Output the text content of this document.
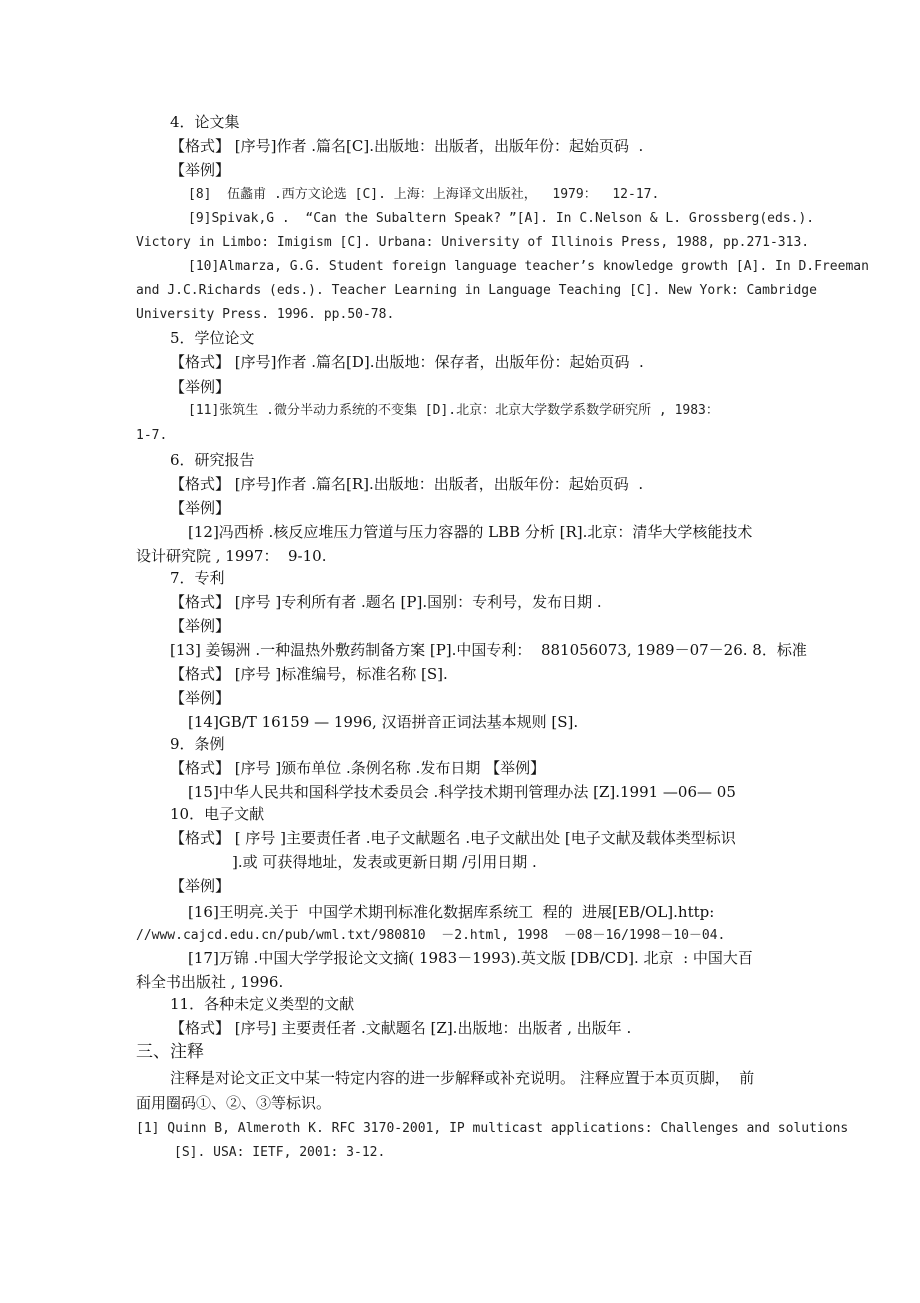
4．论文集
【格式】 [序号]作者 .篇名[C].出版地：出版者，出版年份：起始页码  .
【举例】
[8]  伍蠡甫 .西方文论选 [C]. 上海：上海译文出版社，  1979：  12-17.
[9]Spivak,G .  “Can the Subaltern Speak? ”[A]. In C.Nelson & L. Grossberg(eds.).
Victory in Limbo: Imigism [C]. Urbana: University of Illinois Press, 1988, pp.271-313.
[10]Almarza, G.G. Student foreign language teacher’s knowledge growth [A]. In D.Freeman
and J.C.Richards (eds.). Teacher Learning in Language Teaching [C]. New York: Cambridge
University Press. 1996. pp.50-78.
5．学位论文
【格式】 [序号]作者 .篇名[D].出版地：保存者，出版年份：起始页码  .
【举例】
[11]张筑生 .微分半动力系统的不变集 [D].北京：北京大学数学系数学研究所 , 1983：
1-7.
6．研究报告
【格式】 [序号]作者 .篇名[R].出版地：出版者，出版年份：起始页码  .
【举例】
[12]冯西桥 .核反应堆压力管道与压力容器的 LBB 分析 [R].北京：清华大学核能技术
设计研究院 , 1997：  9-10.
7．专利
【格式】 [序号 ]专利所有者 .题名 [P].国别：专利号，发布日期 .
【举例】
[13] 姜锡洲 .一种温热外敷药制备方案 [P].中国专利：  881056073, 1989－07－26. 8．标准
【格式】 [序号 ]标准编号，标准名称 [S].
【举例】
[14]GB/T 16159 — 1996, 汉语拼音正词法基本规则 [S].
9．条例
【格式】 [序号 ]颁布单位 .条例名称 .发布日期 【举例】
[15]中华人民共和国科学技术委员会 .科学技术期刊管理办法 [Z].1991 —06— 05
10．电子文献
【格式】 [ 序号 ]主要责任者 .电子文献题名 .电子文献出处 [电子文献及载体类型标识
].或 可获得地址，发表或更新日期 /引用日期 .
【举例】
[16]王明亮.关于  中国学术期刊标准化数据库系统工  程的  进展[EB/OL].http:
//www.cajcd.edu.cn/pub/wml.txt/980810  －2.html, 1998  －08－16/1998－10－04.
[17]万锦 .中国大学学报论文文摘( 1983－1993).英文版 [DB/CD]. 北京  : 中国大百
科全书出版社 , 1996.
11．各种未定义类型的文献
【格式】 [序号] 主要责任者 .文献题名 [Z].出版地：出版者 , 出版年 .
三、注释
注释是对论文正文中某一特定内容的进一步解释或补充说明。 注释应置于本页页脚，  前
面用圈码①、②、③等标识。
[1] Quinn B, Almeroth K. RFC 3170-2001, IP multicast applications: Challenges and solutions
[S]. USA: IETF, 2001: 3-12.
